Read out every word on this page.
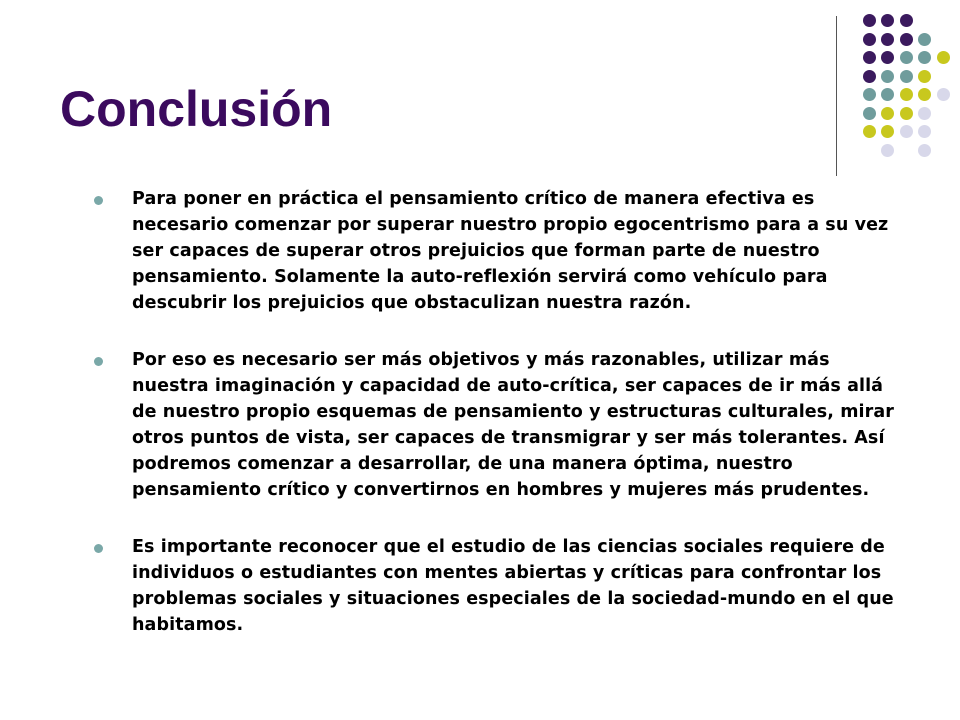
Conclusión
Para poner en práctica el pensamiento crítico de manera efectiva es necesario comenzar por superar nuestro propio egocentrismo para a su vez ser capaces de superar otros prejuicios que forman parte de nuestro pensamiento. Solamente la auto-reflexión servirá como vehículo para descubrir los prejuicios que obstaculizan nuestra razón.
Por eso es necesario ser más objetivos y más razonables, utilizar más nuestra imaginación y capacidad de auto-crítica, ser capaces de ir más allá de nuestro propio esquemas de pensamiento y estructuras culturales, mirar otros puntos de vista, ser capaces de transmigrar y ser más tolerantes. Así podremos comenzar a desarrollar, de una manera óptima, nuestro pensamiento crítico y convertirnos en hombres y mujeres más prudentes.
Es importante reconocer que el estudio de las ciencias sociales requiere de individuos o estudiantes con mentes abiertas y críticas para confrontar los problemas sociales y situaciones especiales de la sociedad-mundo en el que habitamos.
